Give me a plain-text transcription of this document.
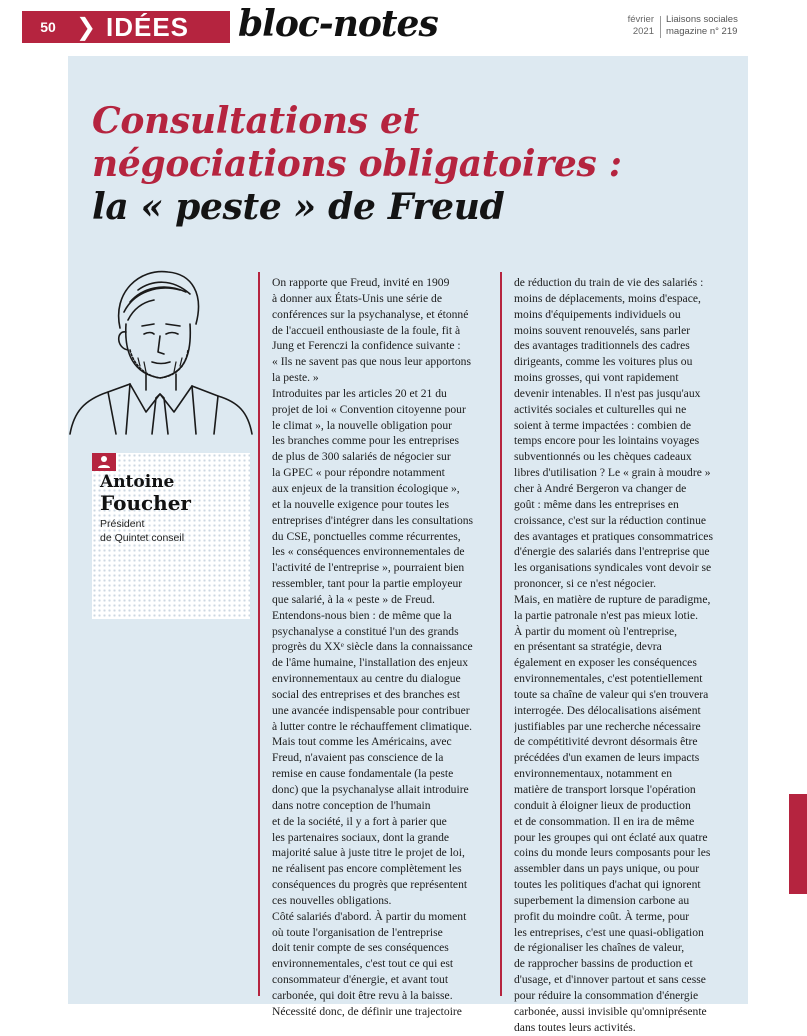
50 ❯ IDÉES bloc-notes	février
2021
Liaisons sociales
magazine n° 219
Consultations et
négociations obligatoires :
la « peste » de Freud
Antoine
Foucher
Président
de Quintet conseil
On rapporte que Freud, invité en 1909
à donner aux États-Unis une série de
conférences sur la psychanalyse, et étonné
de l'accueil enthousiaste de la foule, fit à
Jung et Ferenczi la confidence suivante :
« Ils ne savent pas que nous leur apportons
la peste. »
Introduites par les articles 20 et 21 du
projet de loi « Convention citoyenne pour
le climat », la nouvelle obligation pour
les branches comme pour les entreprises
de plus de 300 salariés de négocier sur
la GPEC « pour répondre notamment
aux enjeux de la transition écologique »,
et la nouvelle exigence pour toutes les
entreprises d'intégrer dans les consultations
du CSE, ponctuelles comme récurrentes,
les « conséquences environnementales de
l'activité de l'entreprise », pourraient bien
ressembler, tant pour la partie employeur
que salarié, à la « peste » de Freud.
Entendons-nous bien : de même que la
psychanalyse a constitué l'un des grands
progrès du XXᵉ siècle dans la connaissance
de l'âme humaine, l'installation des enjeux
environnementaux au centre du dialogue
social des entreprises et des branches est
une avancée indispensable pour contribuer
à lutter contre le réchauffement climatique.
Mais tout comme les Américains, avec
Freud, n'avaient pas conscience de la
remise en cause fondamentale (la peste
donc) que la psychanalyse allait introduire
dans notre conception de l'humain
et de la société, il y a fort à parier que
les partenaires sociaux, dont la grande
majorité salue à juste titre le projet de loi,
ne réalisent pas encore complètement les
conséquences du progrès que représentent
ces nouvelles obligations.
Côté salariés d'abord. À partir du moment
où toute l'organisation de l'entreprise
doit tenir compte de ses conséquences
environnementales, c'est tout ce qui est
consommateur d'énergie, et avant tout
carbonée, qui doit être revu à la baisse.
Nécessité donc, de définir une trajectoire
de réduction du train de vie des salariés :
moins de déplacements, moins d'espace,
moins d'équipements individuels ou
moins souvent renouvelés, sans parler
des avantages traditionnels des cadres
dirigeants, comme les voitures plus ou
moins grosses, qui vont rapidement
devenir intenables. Il n'est pas jusqu'aux
activités sociales et culturelles qui ne
soient à terme impactées : combien de
temps encore pour les lointains voyages
subventionnés ou les chèques cadeaux
libres d'utilisation ? Le « grain à moudre »
cher à André Bergeron va changer de
goût : même dans les entreprises en
croissance, c'est sur la réduction continue
des avantages et pratiques consommatrices
d'énergie des salariés dans l'entreprise que
les organisations syndicales vont devoir se
prononcer, si ce n'est négocier.
Mais, en matière de rupture de paradigme,
la partie patronale n'est pas mieux lotie.
À partir du moment où l'entreprise,
en présentant sa stratégie, devra
également en exposer les conséquences
environnementales, c'est potentiellement
toute sa chaîne de valeur qui s'en trouvera
interrogée. Des délocalisations aisément
justifiables par une recherche nécessaire
de compétitivité devront désormais être
précédées d'un examen de leurs impacts
environnementaux, notamment en
matière de transport lorsque l'opération
conduit à éloigner lieux de production
et de consommation. Il en ira de même
pour les groupes qui ont éclaté aux quatre
coins du monde leurs composants pour les
assembler dans un pays unique, ou pour
toutes les politiques d'achat qui ignorent
superbement la dimension carbone au
profit du moindre coût. À terme, pour
les entreprises, c'est une quasi-obligation
de régionaliser les chaînes de valeur,
de rapprocher bassins de production et
d'usage, et d'innover partout et sans cesse
pour réduire la consommation d'énergie
carbonée, aussi invisible qu'omniprésente
dans toutes leurs activités.
